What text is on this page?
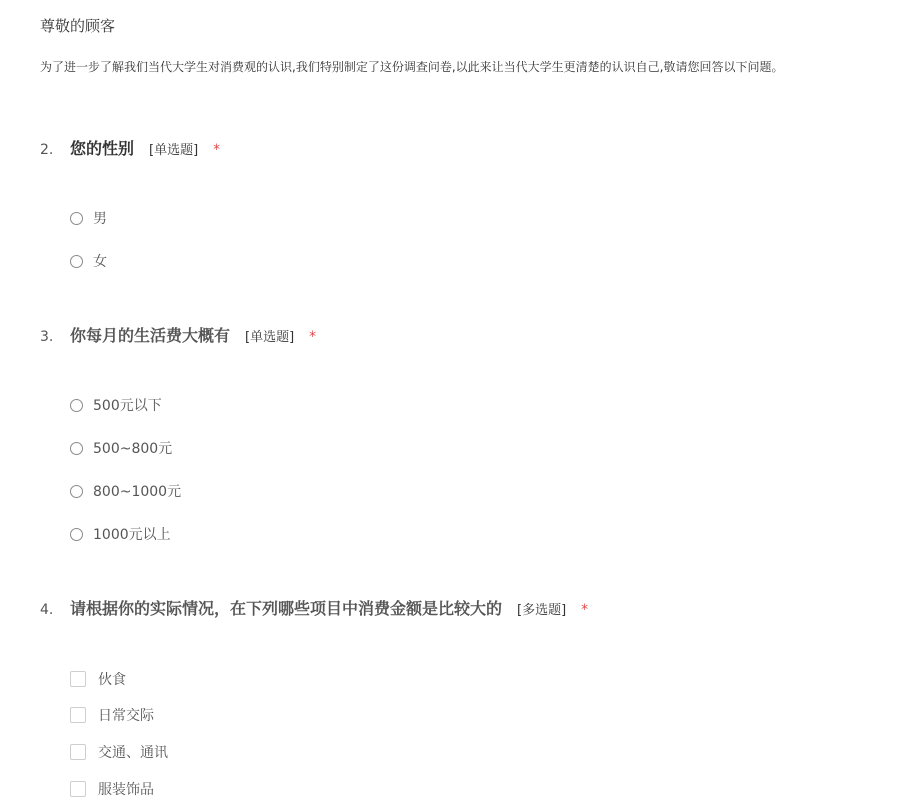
尊敬的顾客
为了进一步了解我们当代大学生对消费观的认识,我们特别制定了这份调查问卷,以此来让当代大学生更清楚的认识自己,敬请您回答以下问题。
2.	您的性别 [单选题] *
男
女
3.	你每月的生活费大概有 [单选题] *
500元以下
500~800元
800~1000元
1000元以上
4.	请根据你的实际情况，在下列哪些项目中消费金额是比较大的 [多选题] *
伙食
日常交际
交通、通讯
服装饰品
